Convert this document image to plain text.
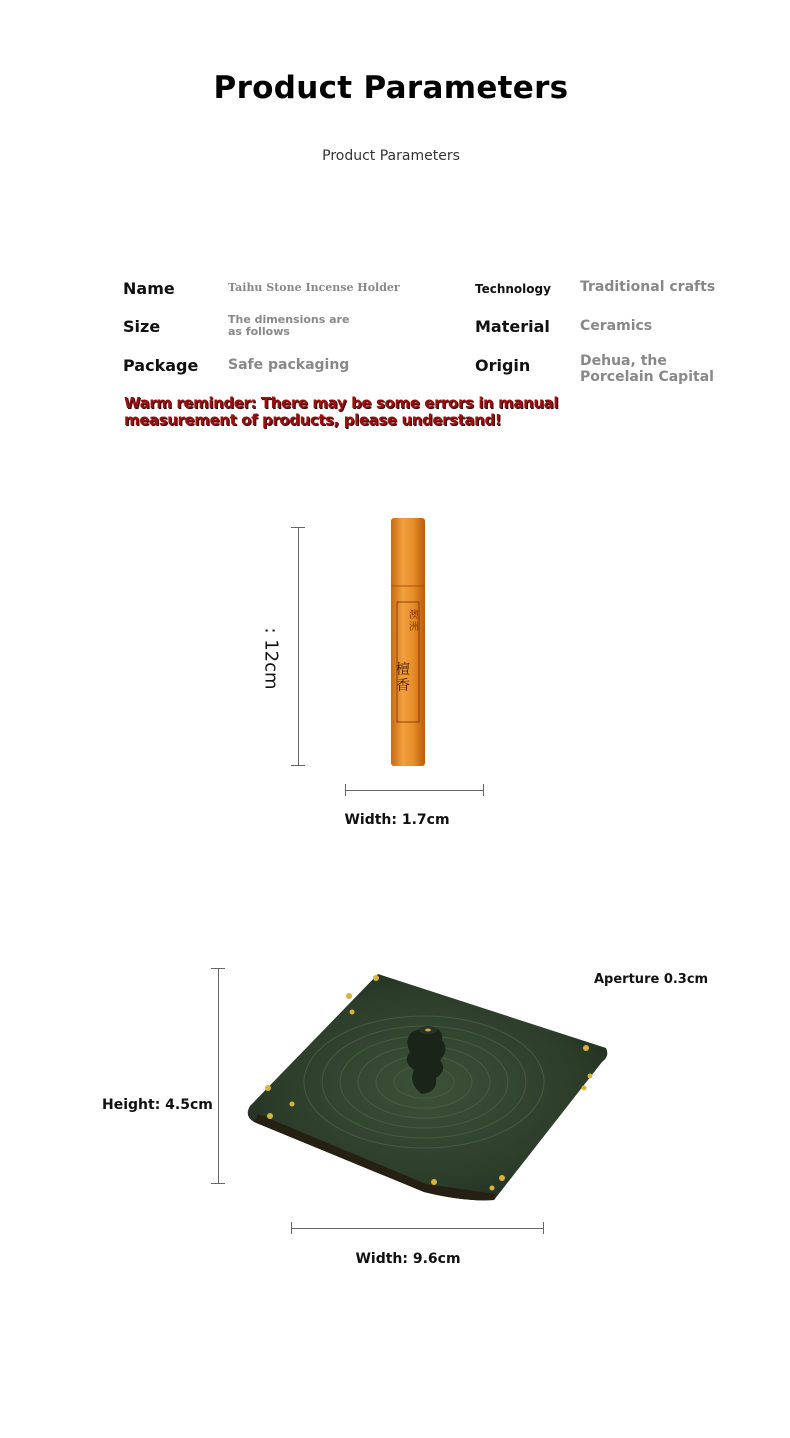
Product Parameters
Product Parameters
Name	Taihu Stone Incense Holder	Technology Traditional crafts
Size	The dimensions are as follows	Material Ceramics
Package Safe packaging	Origin	Dehua, the Porcelain Capital
Warm reminder: There may be some errors in manual measurement of products, please understand!
: 12cm
澳洲
檀香
Width: 1.7cm
Aperture 0.3cm
Height: 4.5cm
Width: 9.6cm
